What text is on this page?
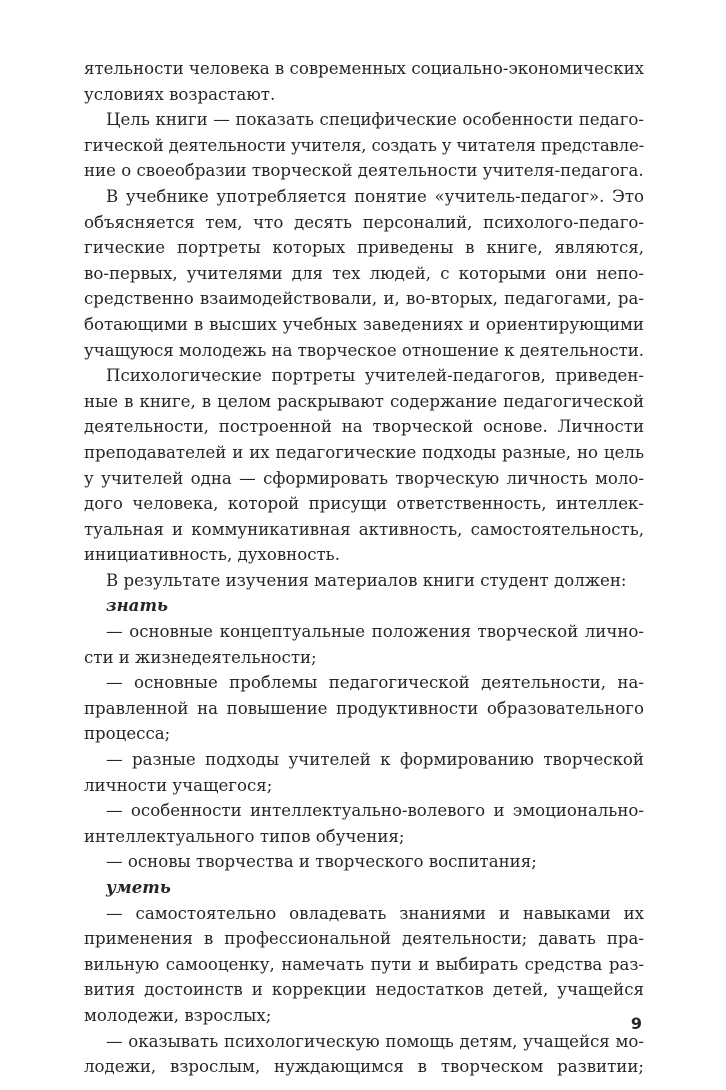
ятельности человека в современных социально-экономических
условиях возрастают.
Цель книги — показать специфические особенности педаго-
гической деятельности учителя, создать у читателя представле-
ние о своеобразии творческой деятельности учителя-педагога.
В учебнике употребляется понятие «учитель-педагог». Это
объясняется тем, что десять персоналий, психолого-педаго-
гические портреты которых приведены в книге, являются,
во-первых, учителями для тех людей, с которыми они непо-
средственно взаимодействовали, и, во-вторых, педагогами, ра-
ботающими в высших учебных заведениях и ориентирующими
учащуюся молодежь на творческое отношение к деятельности.
Психологические портреты учителей-педагогов, приведен-
ные в книге, в целом раскрывают содержание педагогической
деятельности, построенной на творческой основе. Личности
преподавателей и их педагогические подходы разные, но цель
у учителей одна — сформировать творческую личность моло-
дого человека, которой присущи ответственность, интеллек-
туальная и коммуникативная активность, самостоятельность,
инициативность, духовность.
В результате изучения материалов книги студент должен:
знать
— основные концептуальные положения творческой лично-
сти и жизнедеятельности;
— основные проблемы педагогической деятельности, на-
правленной на повышение продуктивности образовательного
процесса;
— разные подходы учителей к формированию творческой
личности учащегося;
— особенности интеллектуально-волевого и эмоционально-
интеллектуального типов обучения;
— основы творчества и творческого воспитания;
уметь
— самостоятельно овладевать знаниями и навыками их
применения в профессиональной деятельности; давать пра-
вильную самооценку, намечать пути и выбирать средства раз-
вития достоинств и коррекции недостатков детей, учащейся
молодежи, взрослых;
— оказывать психологическую помощь детям, учащейся мо-
лодежи, взрослым, нуждающимся в творческом развитии;
9
